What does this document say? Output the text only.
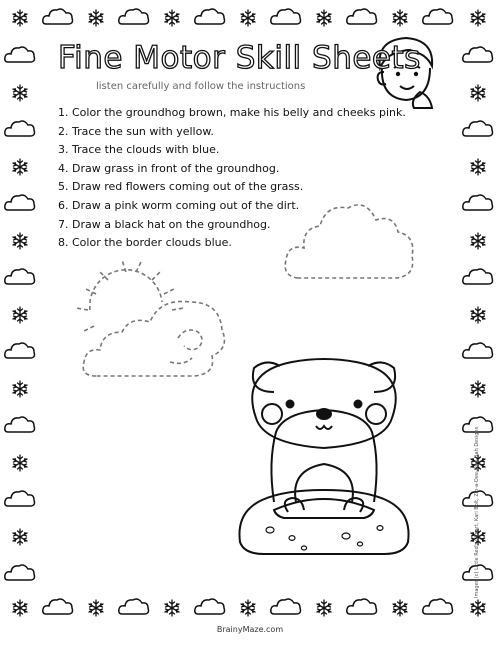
Fine Motor Skill Sheets
listen carefully and follow the instructions
1. Color the groundhog brown, make his belly and cheeks pink.
2. Trace the sun with yellow.
3. Trace the clouds with blue.
4. Draw grass in front of the groundhog.
5. Draw red flowers coming out of the grass.
6. Draw a pink worm coming out of the dirt.
7. Draw a black hat on the groundhog.
8. Color the border clouds blue.
Images (c) Little Red's Clipart, Kari Bolt, Zip-a-Dee-Doo-Dah Designs
BrainyMaze.com
